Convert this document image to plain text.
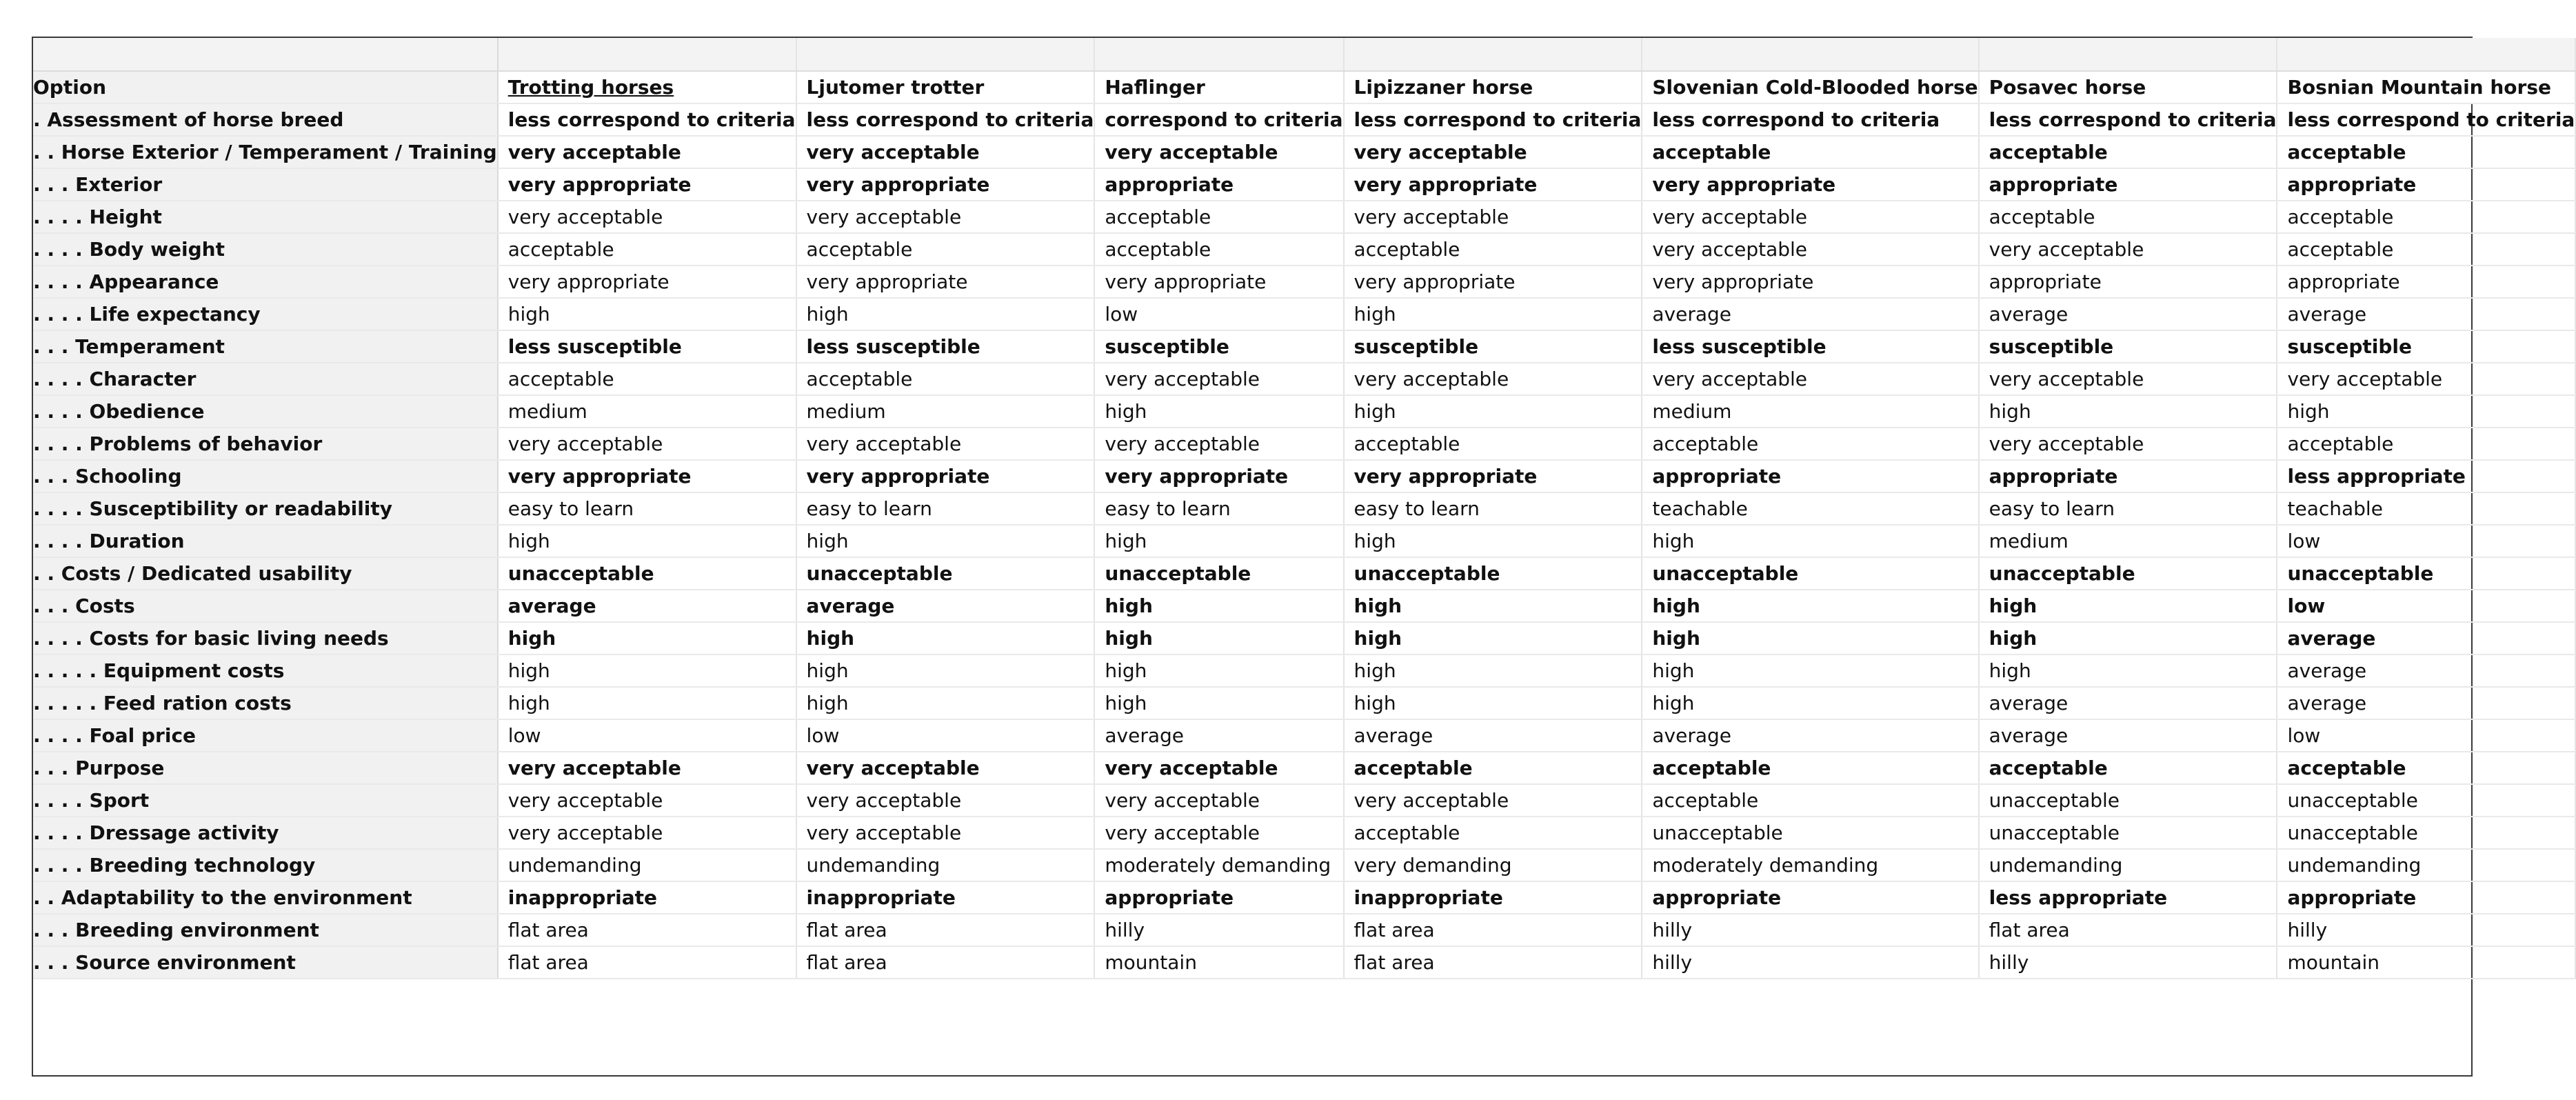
Option	Trotting horses	Ljutomer trotter	Haflinger	Lipizzaner horse	Slovenian Cold-Blooded horse	Posavec horse	Bosnian Mountain horse
. Assessment of horse breed	less correspond to criteria	less correspond to criteria	correspond to criteria	less correspond to criteria	less correspond to criteria	less correspond to criteria	less correspond to criteria
. . Horse Exterior / Temperament / Training	very acceptable	very acceptable	very acceptable	very acceptable	acceptable	acceptable	acceptable
. . . Exterior	very appropriate	very appropriate	appropriate	very appropriate	very appropriate	appropriate	appropriate
. . . . Height	very acceptable	very acceptable	acceptable	very acceptable	very acceptable	acceptable	acceptable
. . . . Body weight	acceptable	acceptable	acceptable	acceptable	very acceptable	very acceptable	acceptable
. . . . Appearance	very appropriate	very appropriate	very appropriate	very appropriate	very appropriate	appropriate	appropriate
. . . . Life expectancy	high	high	low	high	average	average	average
. . . Temperament	less susceptible	less susceptible	susceptible	susceptible	less susceptible	susceptible	susceptible
. . . . Character	acceptable	acceptable	very acceptable	very acceptable	very acceptable	very acceptable	very acceptable
. . . . Obedience	medium	medium	high	high	medium	high	high
. . . . Problems of behavior	very acceptable	very acceptable	very acceptable	acceptable	acceptable	very acceptable	acceptable
. . . Schooling	very appropriate	very appropriate	very appropriate	very appropriate	appropriate	appropriate	less appropriate
. . . . Susceptibility or readability	easy to learn	easy to learn	easy to learn	easy to learn	teachable	easy to learn	teachable
. . . . Duration	high	high	high	high	high	medium	low
. . Costs / Dedicated usability	unacceptable	unacceptable	unacceptable	unacceptable	unacceptable	unacceptable	unacceptable
. . . Costs	average	average	high	high	high	high	low
. . . . Costs for basic living needs	high	high	high	high	high	high	average
. . . . . Equipment costs	high	high	high	high	high	high	average
. . . . . Feed ration costs	high	high	high	high	high	average	average
. . . . Foal price	low	low	average	average	average	average	low
. . . Purpose	very acceptable	very acceptable	very acceptable	acceptable	acceptable	acceptable	acceptable
. . . . Sport	very acceptable	very acceptable	very acceptable	very acceptable	acceptable	unacceptable	unacceptable
. . . . Dressage activity	very acceptable	very acceptable	very acceptable	acceptable	unacceptable	unacceptable	unacceptable
. . . . Breeding technology	undemanding	undemanding	moderately demanding	very demanding	moderately demanding	undemanding	undemanding
. . Adaptability to the environment	inappropriate	inappropriate	appropriate	inappropriate	appropriate	less appropriate	appropriate
. . . Breeding environment	flat area	flat area	hilly	flat area	hilly	flat area	hilly
. . . Source environment	flat area	flat area	mountain	flat area	hilly	hilly	mountain
